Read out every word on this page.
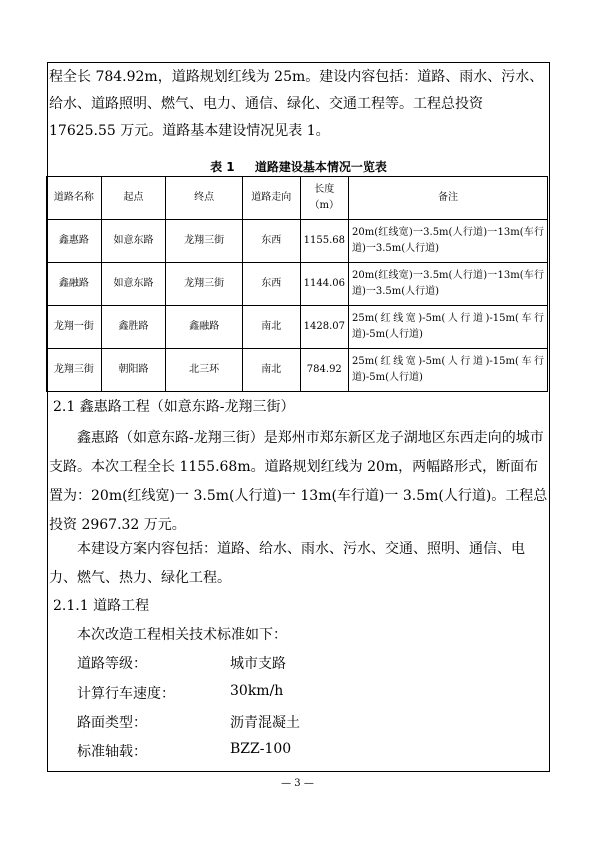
程全长 784.92m，道路规划红线为 25m。建设内容包括：道路、雨水、污水、给水、道路照明、燃气、电力、通信、绿化、交通工程等。工程总投资 17625.55 万元。道路基本建设情况见表 1。
表 1 道路建设基本情况一览表
道路名称	起点	终点	道路走向	长度（m）	备注
鑫惠路	如意东路	龙翔三街	东西	1155.68	20m(红线宽)一3.5m(人行道)一13m(车行道)一3.5m(人行道)
鑫融路	如意东路	龙翔三街	东西	1144.06	20m(红线宽)一3.5m(人行道)一13m(车行道)一3.5m(人行道)
龙翔一街	鑫胜路	鑫融路	南北	1428.07	25m(红线宽)-5m(人行道)-15m(车行道)-5m(人行道)
龙翔三街	朝阳路	北三环	南北	784.92	25m(红线宽)-5m(人行道)-15m(车行道)-5m(人行道)
2.1 鑫惠路工程（如意东路-龙翔三街）
鑫惠路（如意东路-龙翔三街）是郑州市郑东新区龙子湖地区东西走向的城市支路。本次工程全长 1155.68m。道路规划红线为 20m，两幅路形式，断面布置为：20m(红线宽)一 3.5m(人行道)一 13m(车行道)一 3.5m(人行道)。工程总投资 2967.32 万元。
本建设方案内容包括：道路、给水、雨水、污水、交通、照明、通信、电力、燃气、热力、绿化工程。
2.1.1 道路工程
本次改造工程相关技术标准如下：
道路等级：	城市支路
计算行车速度：	30km/h
路面类型：	沥青混凝土
标准轴载：	BZZ-100
— 3 —
